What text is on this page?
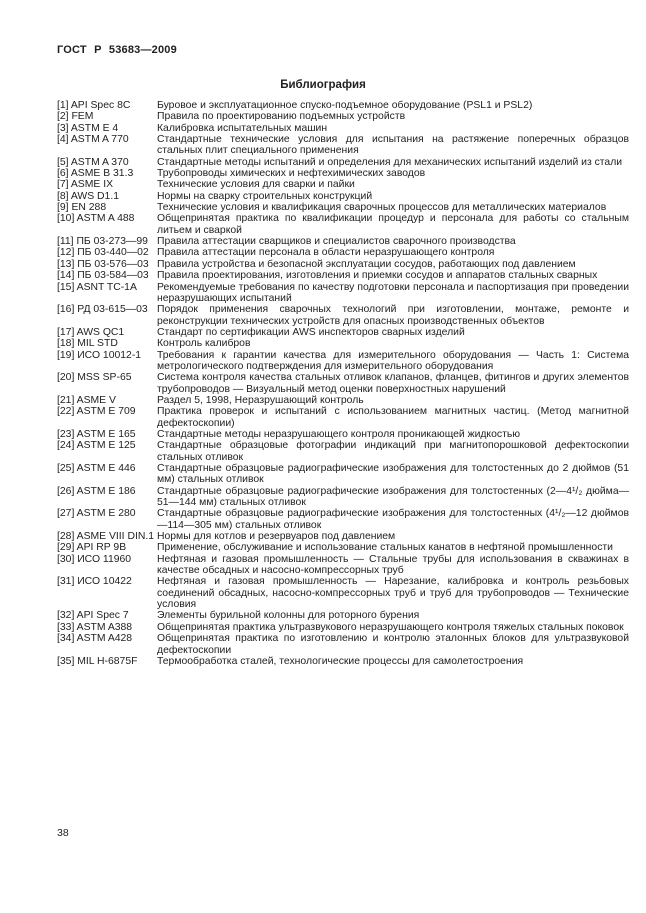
ГОСТ Р 53683—2009
Библиография
[1] API Spec 8C	Буровое и эксплуатационное спуско-подъемное оборудование (PSL1 и PSL2)
[2] FEM	Правила по проектированию подъемных устройств
[3] ASTM E 4	Калибровка испытательных машин
[4] ASTM A 770	Стандартные технические условия для испытания на растяжение поперечных образцов стальных плит специального применения
[5] ASTM A 370	Стандартные методы испытаний и определения для механических испытаний изделий из стали
[6] ASME B 31.3	Трубопроводы химических и нефтехимических заводов
[7] ASME IX	Технические условия для сварки и пайки
[8] AWS D1.1	Нормы на сварку строительных конструкций
[9] EN 288	Технические условия и квалификация сварочных процессов для металлических материалов
[10] ASTM A 488	Общепринятая практика по квалификации процедур и персонала для работы со стальным литьем и сваркой
[11] ПБ 03-273—99 Правила аттестации сварщиков и специалистов сварочного производства
[12] ПБ 03-440—02 Правила аттестации персонала в области неразрушающего контроля
[13] ПБ 03-576—03 Правила устройства и безопасной эксплуатации сосудов, работающих под давлением
[14] ПБ 03-584—03 Правила проектирования, изготовления и приемки сосудов и аппаратов стальных сварных
[15] ASNT TC-1A	Рекомендуемые требования по качеству подготовки персонала и паспортизация при проведении неразрушающих испытаний
[16] РД 03-615—03 Порядок применения сварочных технологий при изготовлении, монтаже, ремонте и реконструкции технических устройств для опасных производственных объектов
[17] AWS QC1	Стандарт по сертификации AWS инспекторов сварных изделий
[18] MIL STD	Контроль калибров
[19] ИСО 10012-1	Требования к гарантии качества для измерительного оборудования — Часть 1: Система метрологического подтверждения для измерительного оборудования
[20] MSS SP-65	Система контроля качества стальных отливок клапанов, фланцев, фитингов и других элементов трубопроводов — Визуальный метод оценки поверхностных нарушений
[21] ASME V	Раздел 5, 1998, Неразрушающий контроль
[22] ASTM E 709	Практика проверок и испытаний с использованием магнитных частиц. (Метод магнитной дефектоскопии)
[23] ASTM E 165	Стандартные методы неразрушающего контроля проникающей жидкостью
[24] ASTM E 125	Стандартные образцовые фотографии индикаций при магнитопорошковой дефектоскопии стальных отливок
[25] ASTM E 446	Стандартные образцовые радиографические изображения для толстостенных до 2 дюймов (51 мм) стальных отливок
[26] ASTM E 186	Стандартные образцовые радиографические изображения для толстостенных (2—4¹/₂ дюйма—51—144 мм) стальных отливок
[27] ASTM E 280	Стандартные образцовые радиографические изображения для толстостенных (4¹/₂—12 дюймов —114—305 мм) стальных отливок
[28] ASME VIII DIN.1 Нормы для котлов и резервуаров под давлением
[29] API RP 9B	Применение, обслуживание и использование стальных канатов в нефтяной промышленности
[30] ИСО 11960	Нефтяная и газовая промышленность — Стальные трубы для использования в скважинах в качестве обсадных и насосно-компрессорных труб
[31] ИСО 10422	Нефтяная и газовая промышленность — Нарезание, калибровка и контроль резьбовых соединений обсадных, насосно-компрессорных труб и труб для трубопроводов — Технические условия
[32] API Spec 7	Элементы бурильной колонны для роторного бурения
[33] ASTM A388	Общепринятая практика ультразвукового неразрушающего контроля тяжелых стальных поковок
[34] ASTM A428	Общепринятая практика по изготовлению и контролю эталонных блоков для ультразвуковой дефектоскопии
[35] MIL H-6875F	Термообработка сталей, технологические процессы для самолетостроения
38
